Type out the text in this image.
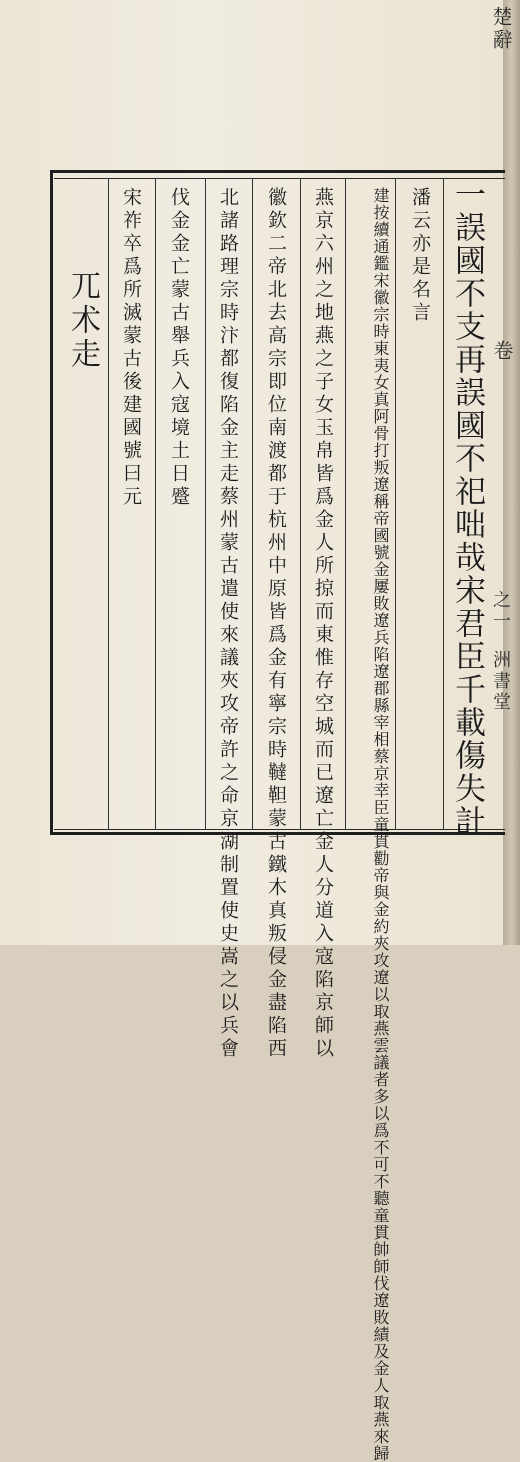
一誤國不支再誤國不祀咄哉宋君臣千載傷失計
潘云亦是名言
建按續通鑑宋徽宗時東夷女真阿骨打叛遼稱帝國號金屢敗遼兵陷遼郡縣宰相蔡京幸臣童貫勸帝與金約夾攻遼以取燕雲議者多以爲不可不聽童貫帥師伐遼敗績及金人取燕來歸
燕京六州之地燕之子女玉帛皆爲金人所掠而東惟存空城而已遼亡金人分道入寇陷京師以
徽欽二帝北去高宗即位南渡都于杭州中原皆爲金有寧宗時韃靼蒙古鐵木真叛侵金盡陷西
北諸路理宗時汴都復陷金主走蔡州蒙古遣使來議夾攻帝許之命京湖制置使史嵩之以兵會
伐金金亡蒙古舉兵入寇境土日蹙
宋祚卒爲所滅蒙古後建國號曰元
兀术走
楚辭
卷
之一
洲書堂
